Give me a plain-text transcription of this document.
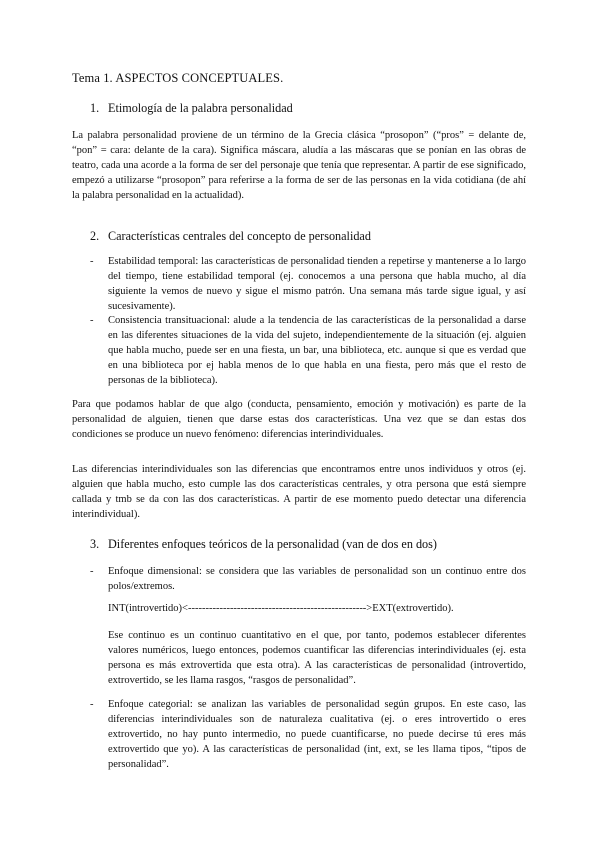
Tema 1. ASPECTOS CONCEPTUALES.
1. Etimología de la palabra personalidad
La palabra personalidad proviene de un término de la Grecia clásica “prosopon” (“pros” = delante de, “pon” = cara: delante de la cara). Significa máscara, aludía a las máscaras que se ponían en las obras de teatro, cada una acorde a la forma de ser del personaje que tenía que representar. A partir de ese significado, empezó a utilizarse “prosopon” para referirse a la forma de ser de las personas en la vida cotidiana (de ahí la palabra personalidad en la actualidad).
2. Características centrales del concepto de personalidad
-	Estabilidad temporal: las características de personalidad tienden a repetirse y mantenerse a lo largo del tiempo, tiene estabilidad temporal (ej. conocemos a una persona que habla mucho, al día siguiente la vemos de nuevo y sigue el mismo patrón. Una semana más tarde sigue igual, y así sucesivamente).
-	Consistencia transituacional: alude a la tendencia de las características de la personalidad a darse en las diferentes situaciones de la vida del sujeto, independientemente de la situación (ej. alguien que habla mucho, puede ser en una fiesta, un bar, una biblioteca, etc. aunque si que es verdad que en una biblioteca por ej habla menos de lo que habla en una fiesta, pero más que el resto de personas de la biblioteca).
Para que podamos hablar de que algo (conducta, pensamiento, emoción y motivación) es parte de la personalidad de alguien, tienen que darse estas dos características. Una vez que se dan estas dos condiciones se produce un nuevo fenómeno: diferencias interindividuales.
Las diferencias interindividuales son las diferencias que encontramos entre unos individuos y otros (ej. alguien que habla mucho, esto cumple las dos características centrales, y otra persona que está siempre callada y tmb se da con las dos características. A partir de ese momento puedo detectar una diferencia interindividual).
3. Diferentes enfoques teóricos de la personalidad (van de dos en dos)
-	Enfoque dimensional: se considera que las variables de personalidad son un continuo entre dos polos/extremos.
INT(introvertido)<--------------------------------------------------->EXT(extrovertido).
Ese continuo es un continuo cuantitativo en el que, por tanto, podemos establecer diferentes valores numéricos, luego entonces, podemos cuantificar las diferencias interindividuales (ej. esta persona es más extrovertida que esta otra). A las características de personalidad (introvertido, extrovertido, se les llama rasgos, “rasgos de personalidad”.
-	Enfoque categorial: se analizan las variables de personalidad según grupos. En este caso, las diferencias interindividuales son de naturaleza cualitativa (ej. o eres introvertido o eres extrovertido, no hay punto intermedio, no puede cuantificarse, no puede decirse tú eres más extrovertido que yo). A las características de personalidad (int, ext, se les llama tipos, “tipos de personalidad”.
